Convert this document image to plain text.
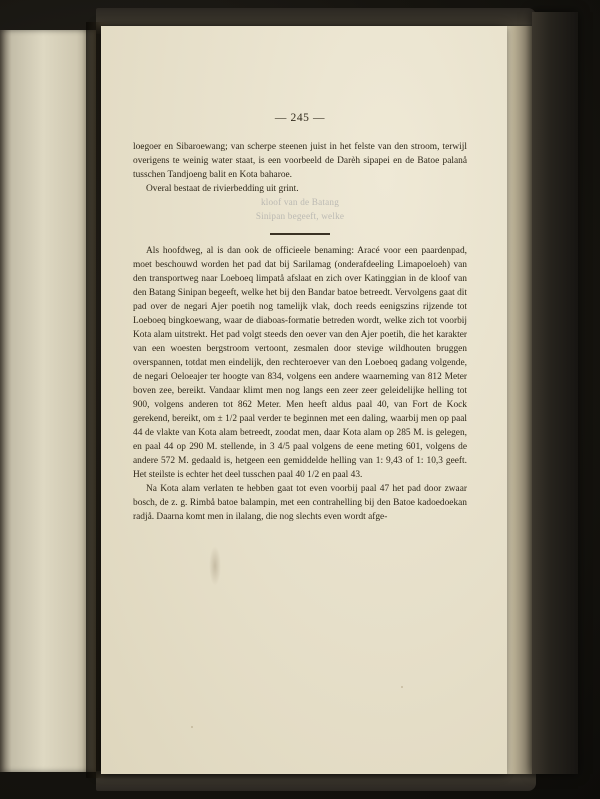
— 245 —

loegoer en Sibaroewang; van scherpe steenen juist in het felste van den stroom, terwijl overigens te weinig water staat, is een voorbeeld de Darèh sipapei en de Batoe palanå tusschen Tandjoeng balit en Kota baharoe.

Overal bestaat de rivierbedding uit grint.

kloof van de Batang
Sinipan begeeft, welke

Als hoofdweg, al is dan ook de officieele benaming: Aracé voor een paardenpad, moet beschouwd worden het pad dat bij Sarilamag (onderafdeeling Limapoeloeh) van den transportweg naar Loeboeq limpatå afslaat en zich over Katinggian in de kloof van den Batang Sinipan begeeft, welke het bij den Bandar batoe betreedt. Vervolgens gaat dit pad over de negari Ajer poetih nog tamelijk vlak, doch reeds eenigszins rijzende tot Loeboeq bingkoewang, waar de diaboas-formatie betreden wordt, welke zich tot voorbij Kota alam uitstrekt. Het pad volgt steeds den oever van den Ajer poetih, die het karakter van een woesten bergstroom vertoont, zesmalen door stevige wildhouten bruggen overspannen, totdat men eindelijk, den rechteroever van den Loeboeq gadang volgende, de negari Oeloeajer ter hoogte van 834, volgens een andere waarneming van 812 Meter boven zee, bereikt. Vandaar klimt men nog langs een zeer zeer geleidelijke helling tot 900, volgens anderen tot 862 Meter. Men heeft aldus paal 40, van Fort de Kock gerekend, bereikt, om ± 1/2 paal verder te beginnen met een daling, waarbij men op paal 44 de vlakte van Kota alam betreedt, zoodat men, daar Kota alam op 285 M. is gelegen, en paal 44 op 290 M. stellende, in 3 4/5 paal volgens de eene meting 601, volgens de andere 572 M. gedaald is, hetgeen een gemiddelde helling van 1: 9,43 of 1: 10,3 geeft. Het steilste is echter het deel tusschen paal 40 1/2 en paal 43.

Na Kota alam verlaten te hebben gaat tot even voorbij paal 47 het pad door zwaar bosch, de z. g. Rimbå batoe balampin, met een contrahelling bij den Batoe kadoedoekan radjå. Daarna komt men in ilalang, die nog slechts even wordt afge-
